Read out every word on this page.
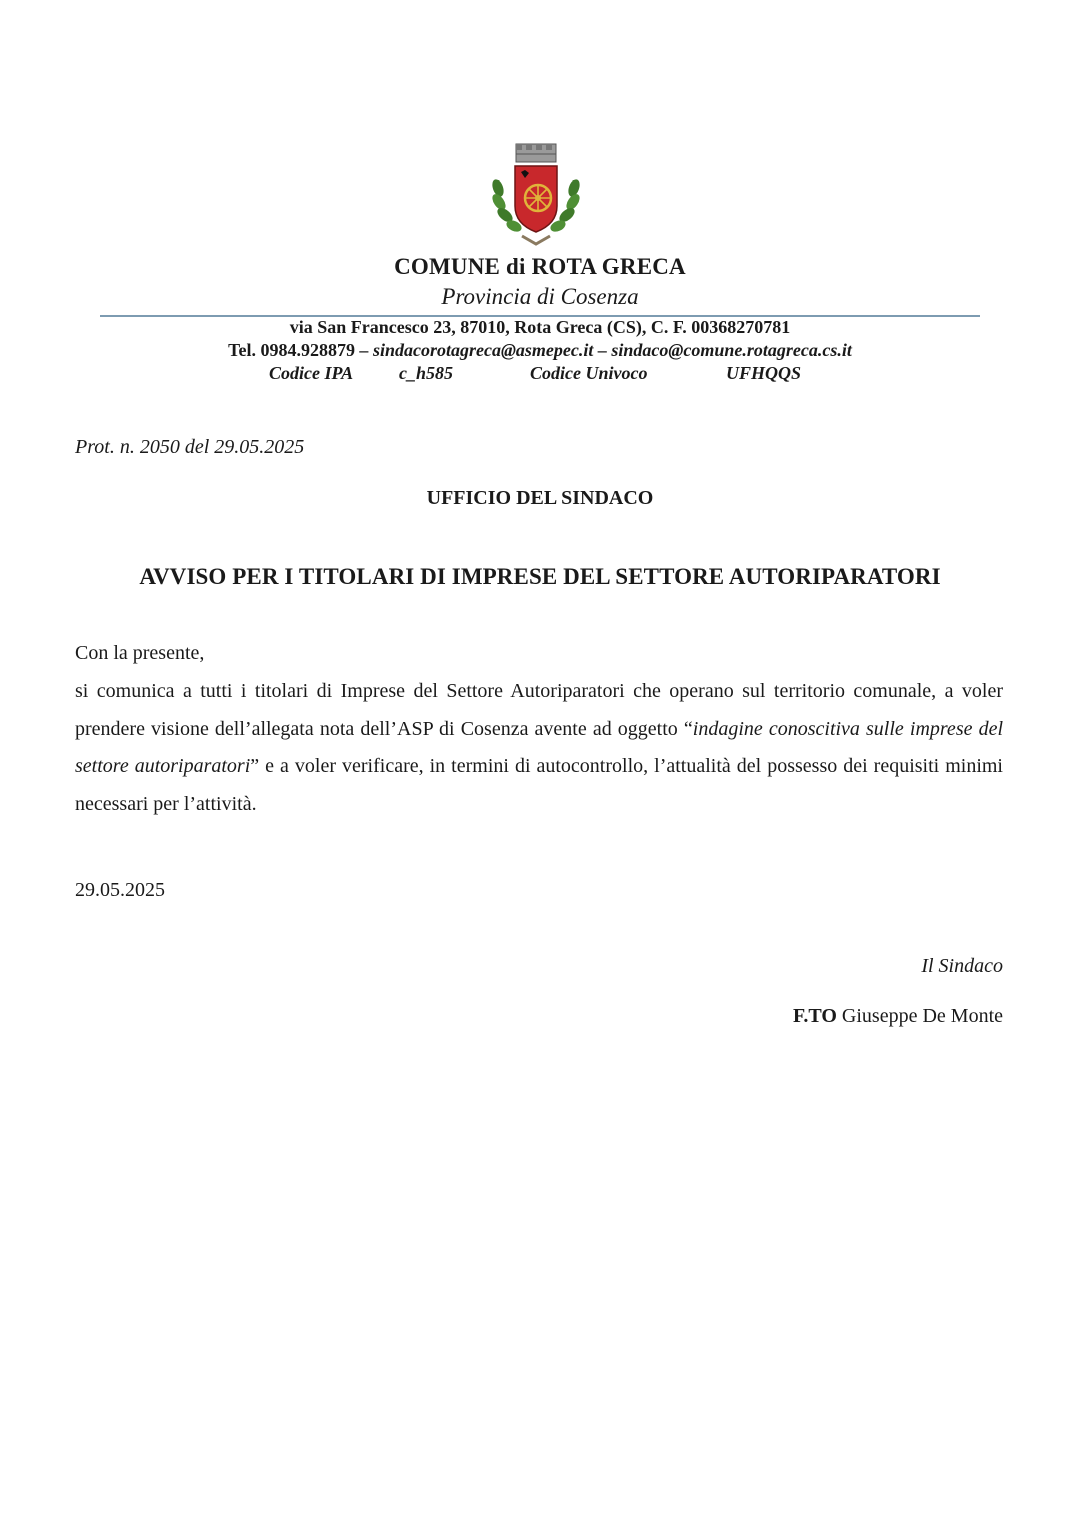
COMUNE di ROTA GRECA
Provincia di Cosenza
via San Francesco 23, 87010, Rota Greca (CS), C. F. 00368270781
Tel. 0984.928879 – sindacorotagreca@asmepec.it – sindaco@comune.rotagreca.cs.it
Codice IPA	c_h585	Codice Univoco	UFHQQS
Prot. n. 2050 del 29.05.2025
UFFICIO DEL SINDACO
AVVISO PER I TITOLARI DI IMPRESE DEL SETTORE AUTORIPARATORI
Con la presente,
si comunica a tutti i titolari di Imprese del Settore Autoriparatori che operano sul territorio comunale, a voler prendere visione dell’allegata nota dell’ASP di Cosenza avente ad oggetto “indagine conoscitiva sulle imprese del settore autoriparatori” e a voler verificare, in termini di autocontrollo, l’attualità del possesso dei requisiti minimi necessari per l’attività.
29.05.2025
Il Sindaco
F.TO Giuseppe De Monte
